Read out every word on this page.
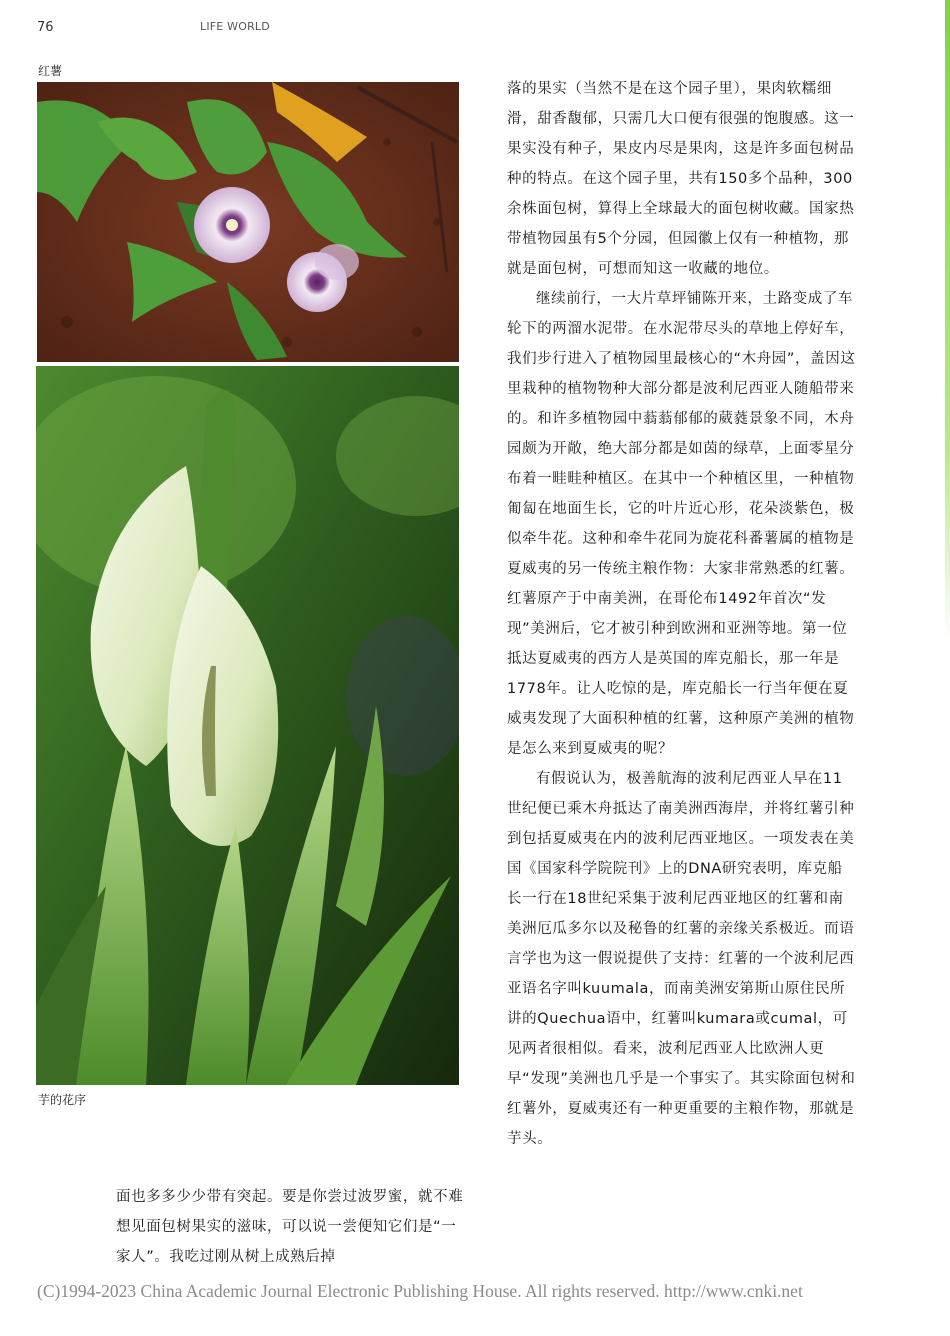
76	LIFE WORLD
红薯
芋的花序

面也多多少少带有突起。要是你尝过波罗蜜，就不难想见面包树果实的滋味，可以说一尝便知它们是“一家人”。我吃过刚从树上成熟后掉

落的果实（当然不是在这个园子里），果肉软糯细滑，甜香馥郁，只需几大口便有很强的饱腹感。这一果实没有种子，果皮内尽是果肉，这是许多面包树品种的特点。在这个园子里，共有150多个品种，300余株面包树，算得上全球最大的面包树收藏。国家热带植物园虽有5个分园，但园徽上仅有一种植物，那就是面包树，可想而知这一收藏的地位。

继续前行，一大片草坪铺陈开来，土路变成了车轮下的两溜水泥带。在水泥带尽头的草地上停好车，我们步行进入了植物园里最核心的“木舟园”，盖因这里栽种的植物物种大部分都是波利尼西亚人随船带来的。和许多植物园中蓊蓊郁郁的葳蕤景象不同，木舟园颇为开敞，绝大部分都是如茵的绿草，上面零星分布着一畦畦种植区。在其中一个种植区里，一种植物匍匐在地面生长，它的叶片近心形，花朵淡紫色，极似牵牛花。这种和牵牛花同为旋花科番薯属的植物是夏威夷的另一传统主粮作物：大家非常熟悉的红薯。红薯原产于中南美洲，在哥伦布1492年首次“发现”美洲后，它才被引种到欧洲和亚洲等地。第一位抵达夏威夷的西方人是英国的库克船长，那一年是1778年。让人吃惊的是，库克船长一行当年便在夏威夷发现了大面积种植的红薯，这种原产美洲的植物是怎么来到夏威夷的呢？

有假说认为，极善航海的波利尼西亚人早在11世纪便已乘木舟抵达了南美洲西海岸，并将红薯引种到包括夏威夷在内的波利尼西亚地区。一项发表在美国《国家科学院院刊》上的DNA研究表明，库克船长一行在18世纪采集于波利尼西亚地区的红薯和南美洲厄瓜多尔以及秘鲁的红薯的亲缘关系极近。而语言学也为这一假说提供了支持：红薯的一个波利尼西亚语名字叫kuumala，而南美洲安第斯山原住民所讲的Quechua语中，红薯叫kumara或cumal，可见两者很相似。看来，波利尼西亚人比欧洲人更早“发现”美洲也几乎是一个事实了。其实除面包树和红薯外，夏威夷还有一种更重要的主粮作物，那就是芋头。

(C)1994-2023 China Academic Journal Electronic Publishing House. All rights reserved. http://www.cnki.net
